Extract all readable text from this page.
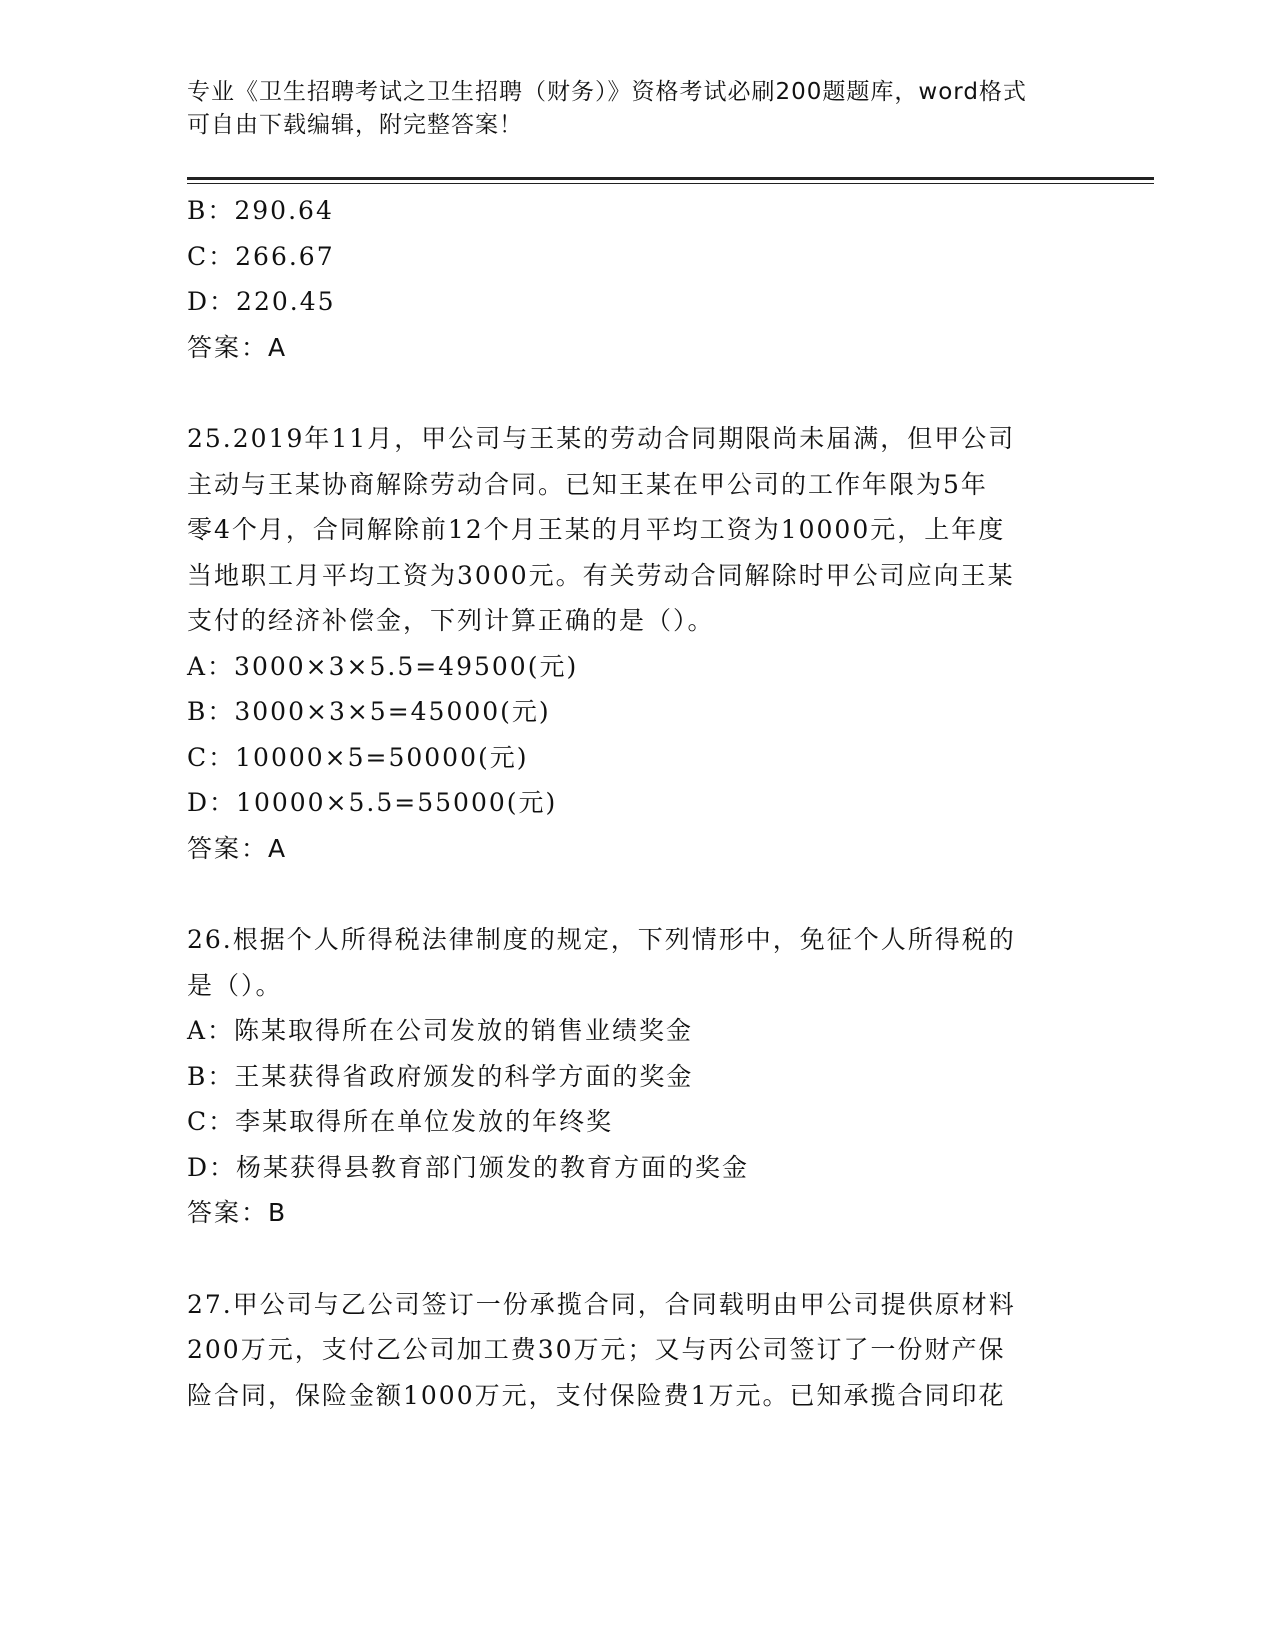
专业《卫生招聘考试之卫生招聘（财务）》资格考试必刷200题题库，word格式
可自由下载编辑，附完整答案！
B：290.64
C：266.67
D：220.45
答案：A
25.2019年11月，甲公司与王某的劳动合同期限尚未届满，但甲公司
主动与王某协商解除劳动合同。已知王某在甲公司的工作年限为5年
零4个月，合同解除前12个月王某的月平均工资为10000元，上年度
当地职工月平均工资为3000元。有关劳动合同解除时甲公司应向王某
支付的经济补偿金，下列计算正确的是（）。
A：3000×3×5.5=49500(元)
B：3000×3×5=45000(元)
C：10000×5=50000(元)
D：10000×5.5=55000(元)
答案：A
26.根据个人所得税法律制度的规定，下列情形中，免征个人所得税的
是（）。
A：陈某取得所在公司发放的销售业绩奖金
B：王某获得省政府颁发的科学方面的奖金
C：李某取得所在单位发放的年终奖
D：杨某获得县教育部门颁发的教育方面的奖金
答案：B
27.甲公司与乙公司签订一份承揽合同，合同载明由甲公司提供原材料
200万元，支付乙公司加工费30万元；又与丙公司签订了一份财产保
险合同，保险金额1000万元，支付保险费1万元。已知承揽合同印花
